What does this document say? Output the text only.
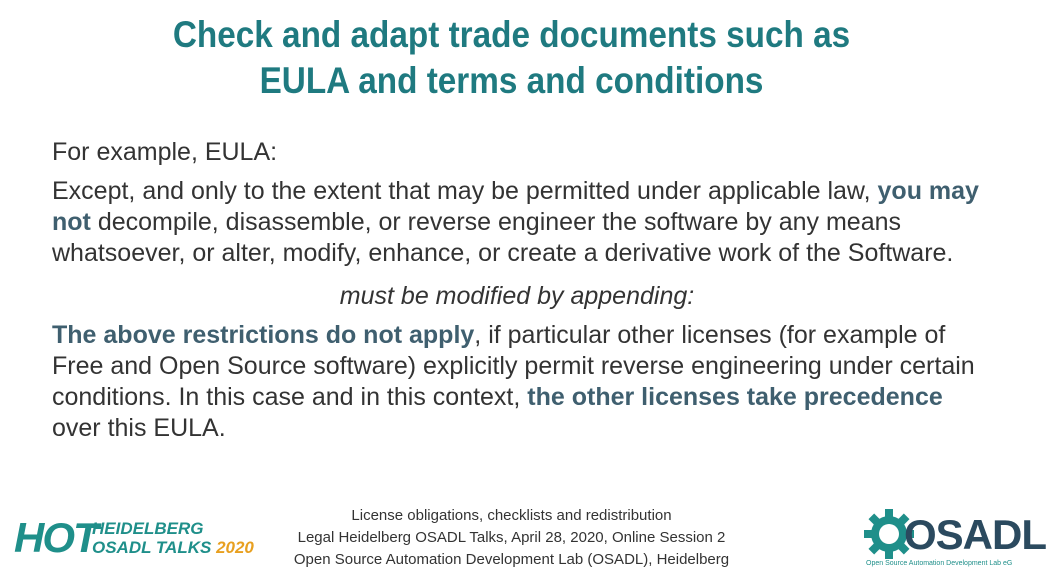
Check and adapt trade documents such as
EULA and terms and conditions

For example, EULA:

Except, and only to the extent that may be permitted under applicable law, you may not decompile, disassemble, or reverse engineer the software by any means whatsoever, or alter, modify, enhance, or create a derivative work of the Software.

must be modified by appending:

The above restrictions do not apply, if particular other licenses (for example of Free and Open Source software) explicitly permit reverse engineering under certain conditions. In this case and in this context, the other licenses take precedence over this EULA.

License obligations, checklists and redistribution
Legal Heidelberg OSADL Talks, April 28, 2020, Online Session 2
Open Source Automation Development Lab (OSADL), Heidelberg
HOT
HEIDELBERG
OSADL TALKS 2020	OSADL
Open Source Automation Development Lab eG
